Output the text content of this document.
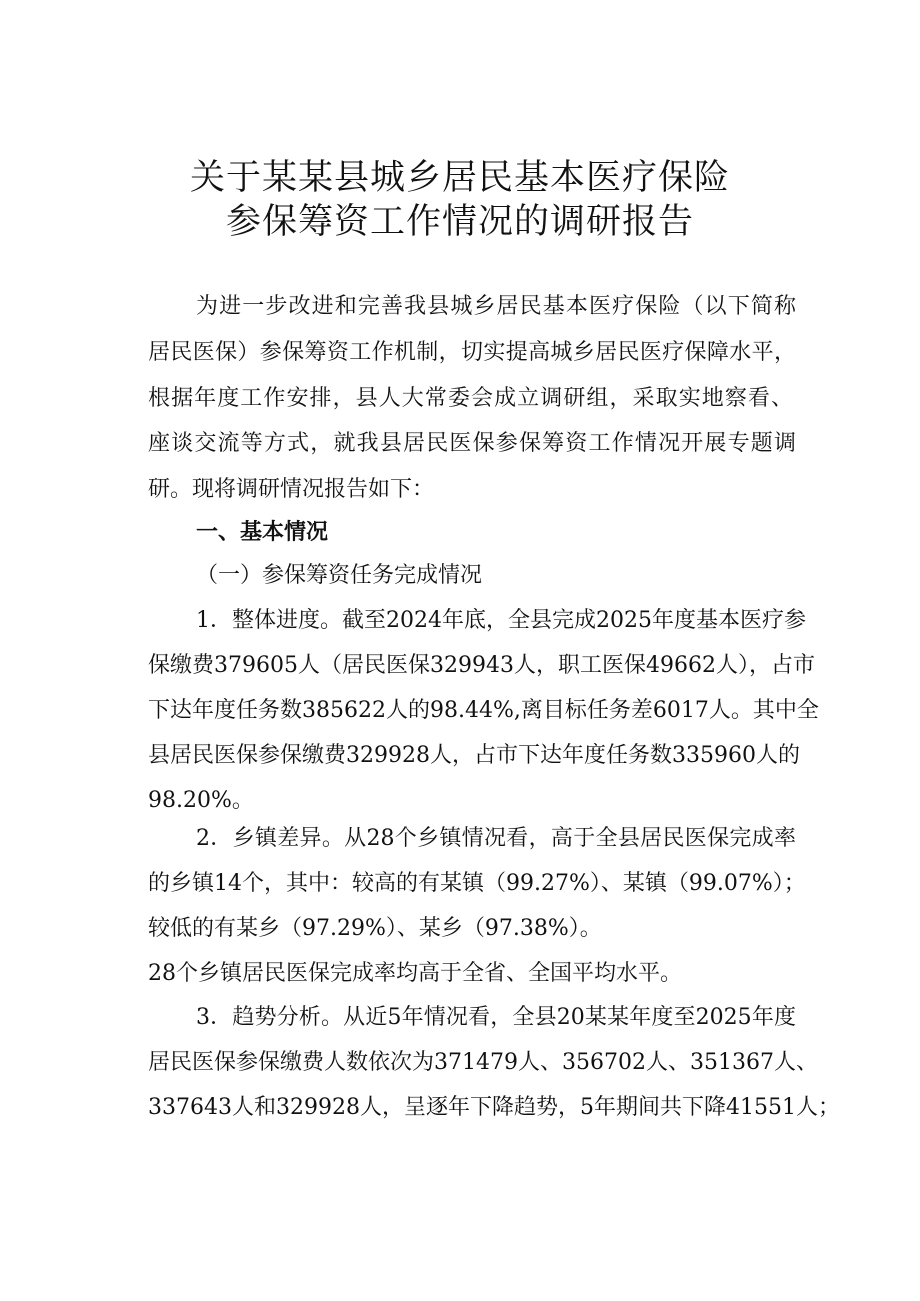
关于某某县城乡居民基本医疗保险
参保筹资工作情况的调研报告
为进一步改进和完善我县城乡居民基本医疗保险（以下简称
居民医保）参保筹资工作机制，切实提高城乡居民医疗保障水平，
根据年度工作安排，县人大常委会成立调研组，采取实地察看、
座谈交流等方式，就我县居民医保参保筹资工作情况开展专题调
研。现将调研情况报告如下：
一、基本情况
（一）参保筹资任务完成情况
1．整体进度。截至2024年底，全县完成2025年度基本医疗参
保缴费379605人（居民医保329943人，职工医保49662人），占市
下达年度任务数385622人的98.44%,离目标任务差6017人。其中全
县居民医保参保缴费329928人，占市下达年度任务数335960人的
98.20%。
2．乡镇差异。从28个乡镇情况看，高于全县居民医保完成率
的乡镇14个，其中：较高的有某镇（99.27%）、某镇（99.07%）；
较低的有某乡（97.29%）、某乡（97.38%）。
28个乡镇居民医保完成率均高于全省、全国平均水平。
3．趋势分析。从近5年情况看，全县20某某年度至2025年度
居民医保参保缴费人数依次为371479人、356702人、351367人、
337643人和329928人，呈逐年下降趋势，5年期间共下降41551人；
